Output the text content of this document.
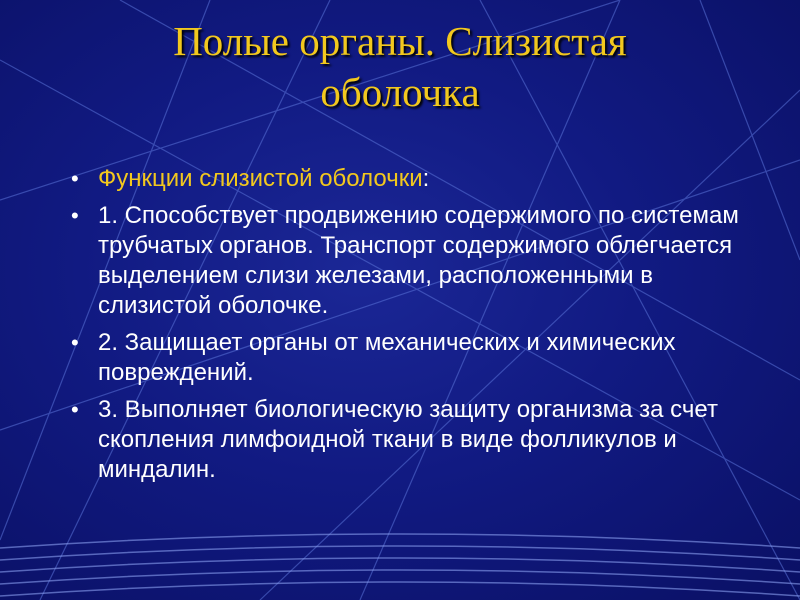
Полые органы. Слизистая
оболочка
• Функции слизистой оболочки:
• 1. Способствует продвижению содержимого по системам трубчатых органов. Транспорт содержимого облегчается выделением слизи железами, расположенными в слизистой оболочке.
• 2. Защищает органы от механических и химических повреждений.
• 3. Выполняет биологическую защиту организма за счет скопления лимфоидной ткани в виде фолликулов и миндалин.
